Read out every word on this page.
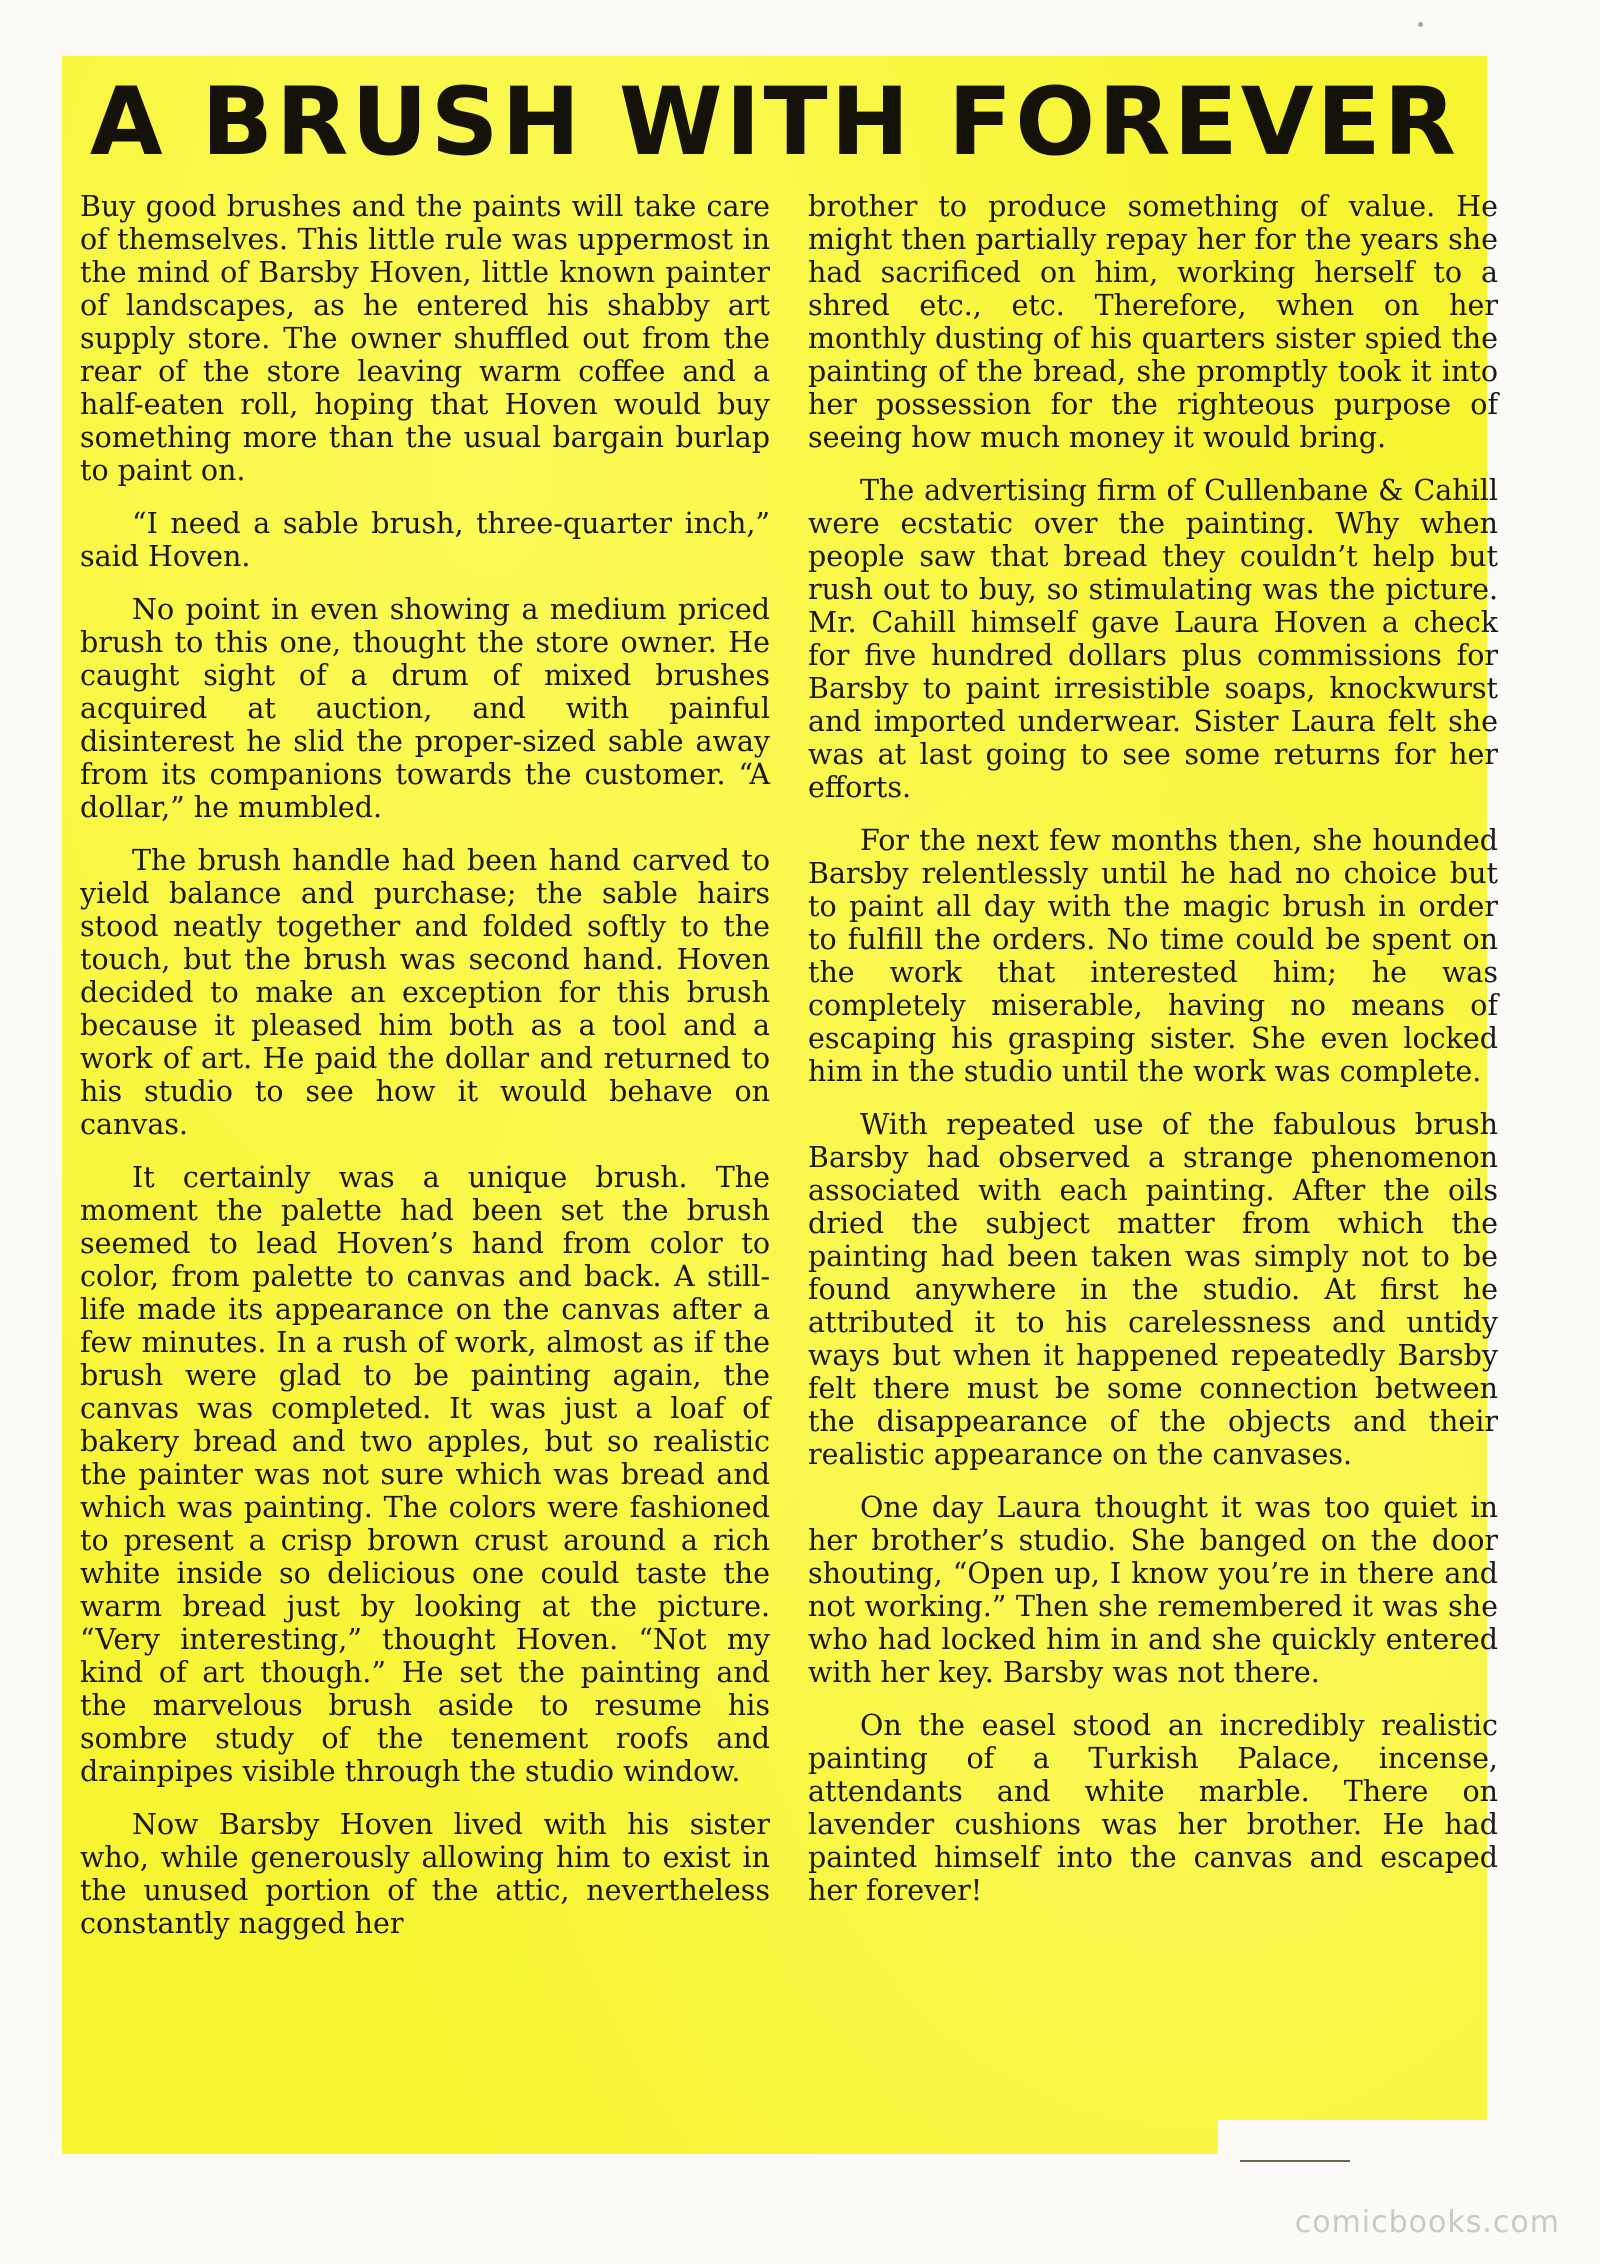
A BRUSH WITH FOREVER

Buy good brushes and the paints will take care of themselves. This little rule was uppermost in the mind of Barsby Hoven, little known painter of landscapes, as he entered his shabby art supply store. The owner shuffled out from the rear of the store leaving warm coffee and a half-eaten roll, hoping that Hoven would buy something more than the usual bargain burlap to paint on.

“I need a sable brush, three-quarter inch,” said Hoven.

No point in even showing a medium priced brush to this one, thought the store owner. He caught sight of a drum of mixed brushes acquired at auction, and with painful disinterest he slid the proper-sized sable away from its companions towards the customer. “A dollar,” he mumbled.

The brush handle had been hand carved to yield balance and purchase; the sable hairs stood neatly together and folded softly to the touch, but the brush was second hand. Hoven decided to make an exception for this brush because it pleased him both as a tool and a work of art. He paid the dollar and returned to his studio to see how it would behave on canvas.

It certainly was a unique brush. The moment the palette had been set the brush seemed to lead Hoven’s hand from color to color, from palette to canvas and back. A still-life made its appearance on the canvas after a few minutes. In a rush of work, almost as if the brush were glad to be painting again, the canvas was completed. It was just a loaf of bakery bread and two apples, but so realistic the painter was not sure which was bread and which was painting. The colors were fashioned to present a crisp brown crust around a rich white inside so delicious one could taste the warm bread just by looking at the picture. “Very interesting,” thought Hoven. “Not my kind of art though.” He set the painting and the marvelous brush aside to resume his sombre study of the tenement roofs and drainpipes visible through the studio window.

Now Barsby Hoven lived with his sister who, while generously allowing him to exist in the unused portion of the attic, nevertheless constantly nagged her

brother to produce something of value. He might then partially repay her for the years she had sacrificed on him, working herself to a shred etc., etc. Therefore, when on her monthly dusting of his quarters sister spied the painting of the bread, she promptly took it into her possession for the righteous purpose of seeing how much money it would bring.

The advertising firm of Cullenbane & Cahill were ecstatic over the painting. Why when people saw that bread they couldn’t help but rush out to buy, so stimulating was the picture. Mr. Cahill himself gave Laura Hoven a check for five hundred dollars plus commissions for Barsby to paint irresistible soaps, knockwurst and imported underwear. Sister Laura felt she was at last going to see some returns for her efforts.

For the next few months then, she hounded Barsby relentlessly until he had no choice but to paint all day with the magic brush in order to fulfill the orders. No time could be spent on the work that interested him; he was completely miserable, having no means of escaping his grasping sister. She even locked him in the studio until the work was complete.

With repeated use of the fabulous brush Barsby had observed a strange phenomenon associated with each painting. After the oils dried the subject matter from which the painting had been taken was simply not to be found anywhere in the studio. At first he attributed it to his carelessness and untidy ways but when it happened repeatedly Barsby felt there must be some connection between the disappearance of the objects and their realistic appearance on the canvases.

One day Laura thought it was too quiet in her brother’s studio. She banged on the door shouting, “Open up, I know you’re in there and not working.” Then she remembered it was she who had locked him in and she quickly entered with her key. Barsby was not there.

On the easel stood an incredibly realistic painting of a Turkish Palace, incense, attendants and white marble. There on lavender cushions was her brother. He had painted himself into the canvas and escaped her forever!

comicbooks.com
